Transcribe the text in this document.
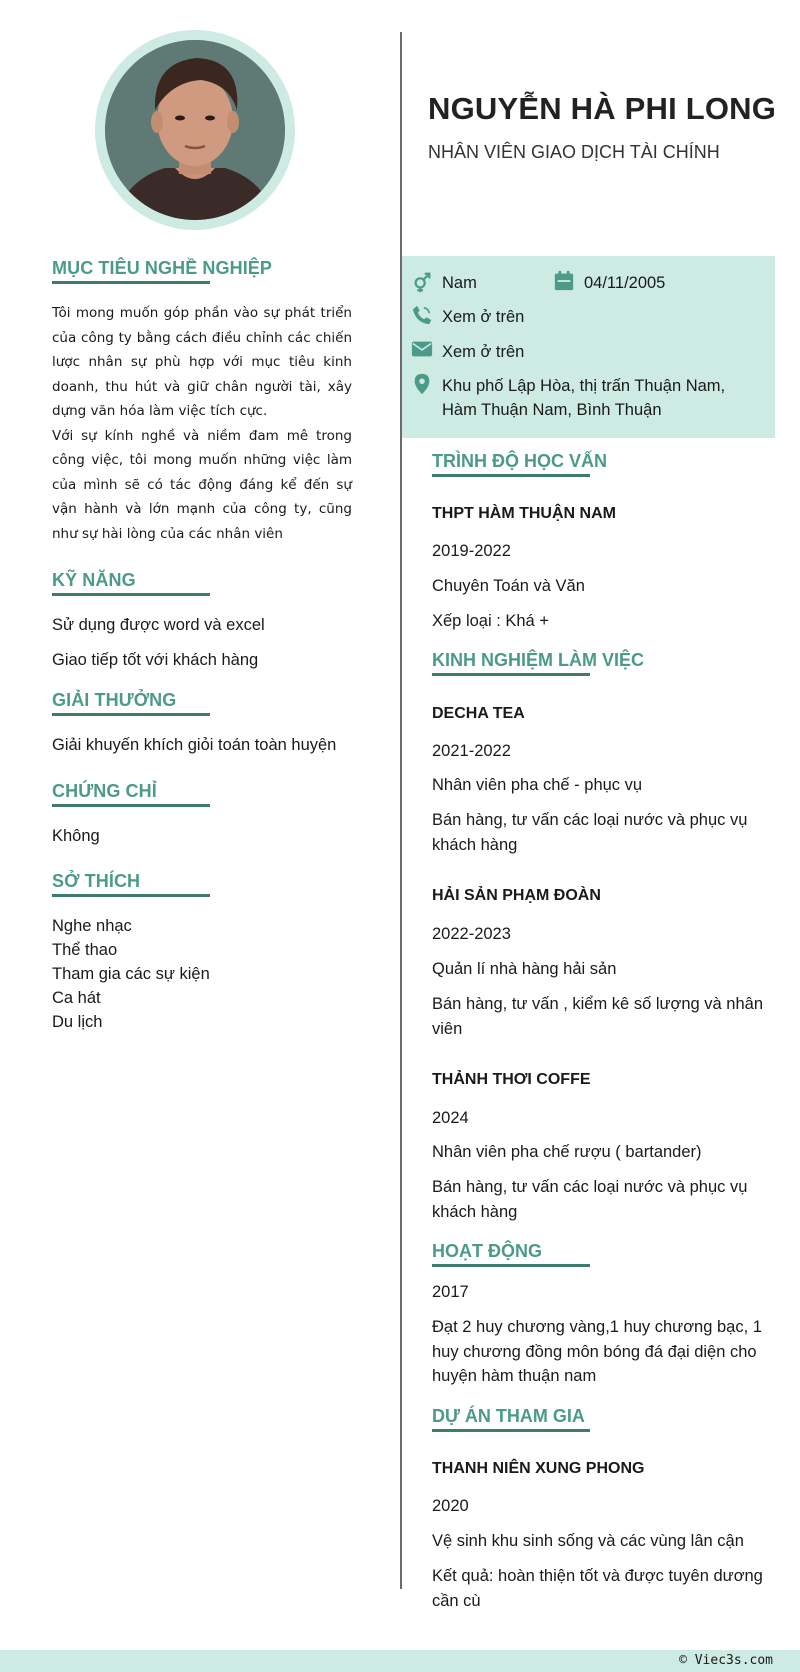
NGUYỄN HÀ PHI LONG
NHÂN VIÊN GIAO DỊCH TÀI CHÍNH
Nam	04/11/2005
Xem ở trên
Xem ở trên
Khu phố Lập Hòa, thị trấn Thuận Nam,
Hàm Thuận Nam, Bình Thuận
MỤC TIÊU NGHỀ NGHIỆP

Tôi mong muốn góp phần vào sự phát triển của công ty bằng cách điều chỉnh các chiến lược nhân sự phù hợp với mục tiêu kinh doanh, thu hút và giữ chân người tài, xây dựng văn hóa làm việc tích cực.

Với sự kính nghề và niềm đam mê trong công việc, tôi mong muốn những việc làm của mình sẽ có tác động đáng kể đến sự vận hành và lớn mạnh của công ty, cũng như sự hài lòng của các nhân viên

KỸ NĂNG
Sử dụng được word và excel
Giao tiếp tốt với khách hàng
GIẢI THƯỞNG
Giải khuyến khích giỏi toán toàn huyện
CHỨNG CHỈ
Không
SỞ THÍCH
Nghe nhạc
Thể thao
Tham gia các sự kiện
Ca hát
Du lịch
TRÌNH ĐỘ HỌC VẤN
THPT HÀM THUẬN NAM
2019-2022
Chuyên Toán và Văn
Xếp loại : Khá +
KINH NGHIỆM LÀM VIỆC
DECHA TEA
2021-2022
Nhân viên pha chế - phục vụ
Bán hàng, tư vấn các loại nước và phục vụ khách hàng
HẢI SẢN PHẠM ĐOÀN
2022-2023
Quản lí nhà hàng hải sản
Bán hàng, tư vấn , kiểm kê số lượng và nhân viên
THẢNH THƠI COFFE
2024
Nhân viên pha chế rượu ( bartander)
Bán hàng, tư vấn các loại nước và phục vụ khách hàng
HOẠT ĐỘNG
2017
Đạt 2 huy chương vàng,1 huy chương bạc, 1 huy chương đồng môn bóng đá đại diện cho huyện hàm thuận nam
DỰ ÁN THAM GIA
THANH NIÊN XUNG PHONG
2020
Vệ sinh khu sinh sống và các vùng lân cận
Kết quả: hoàn thiện tốt và được tuyên dương cần cù
© Viec3s.com
